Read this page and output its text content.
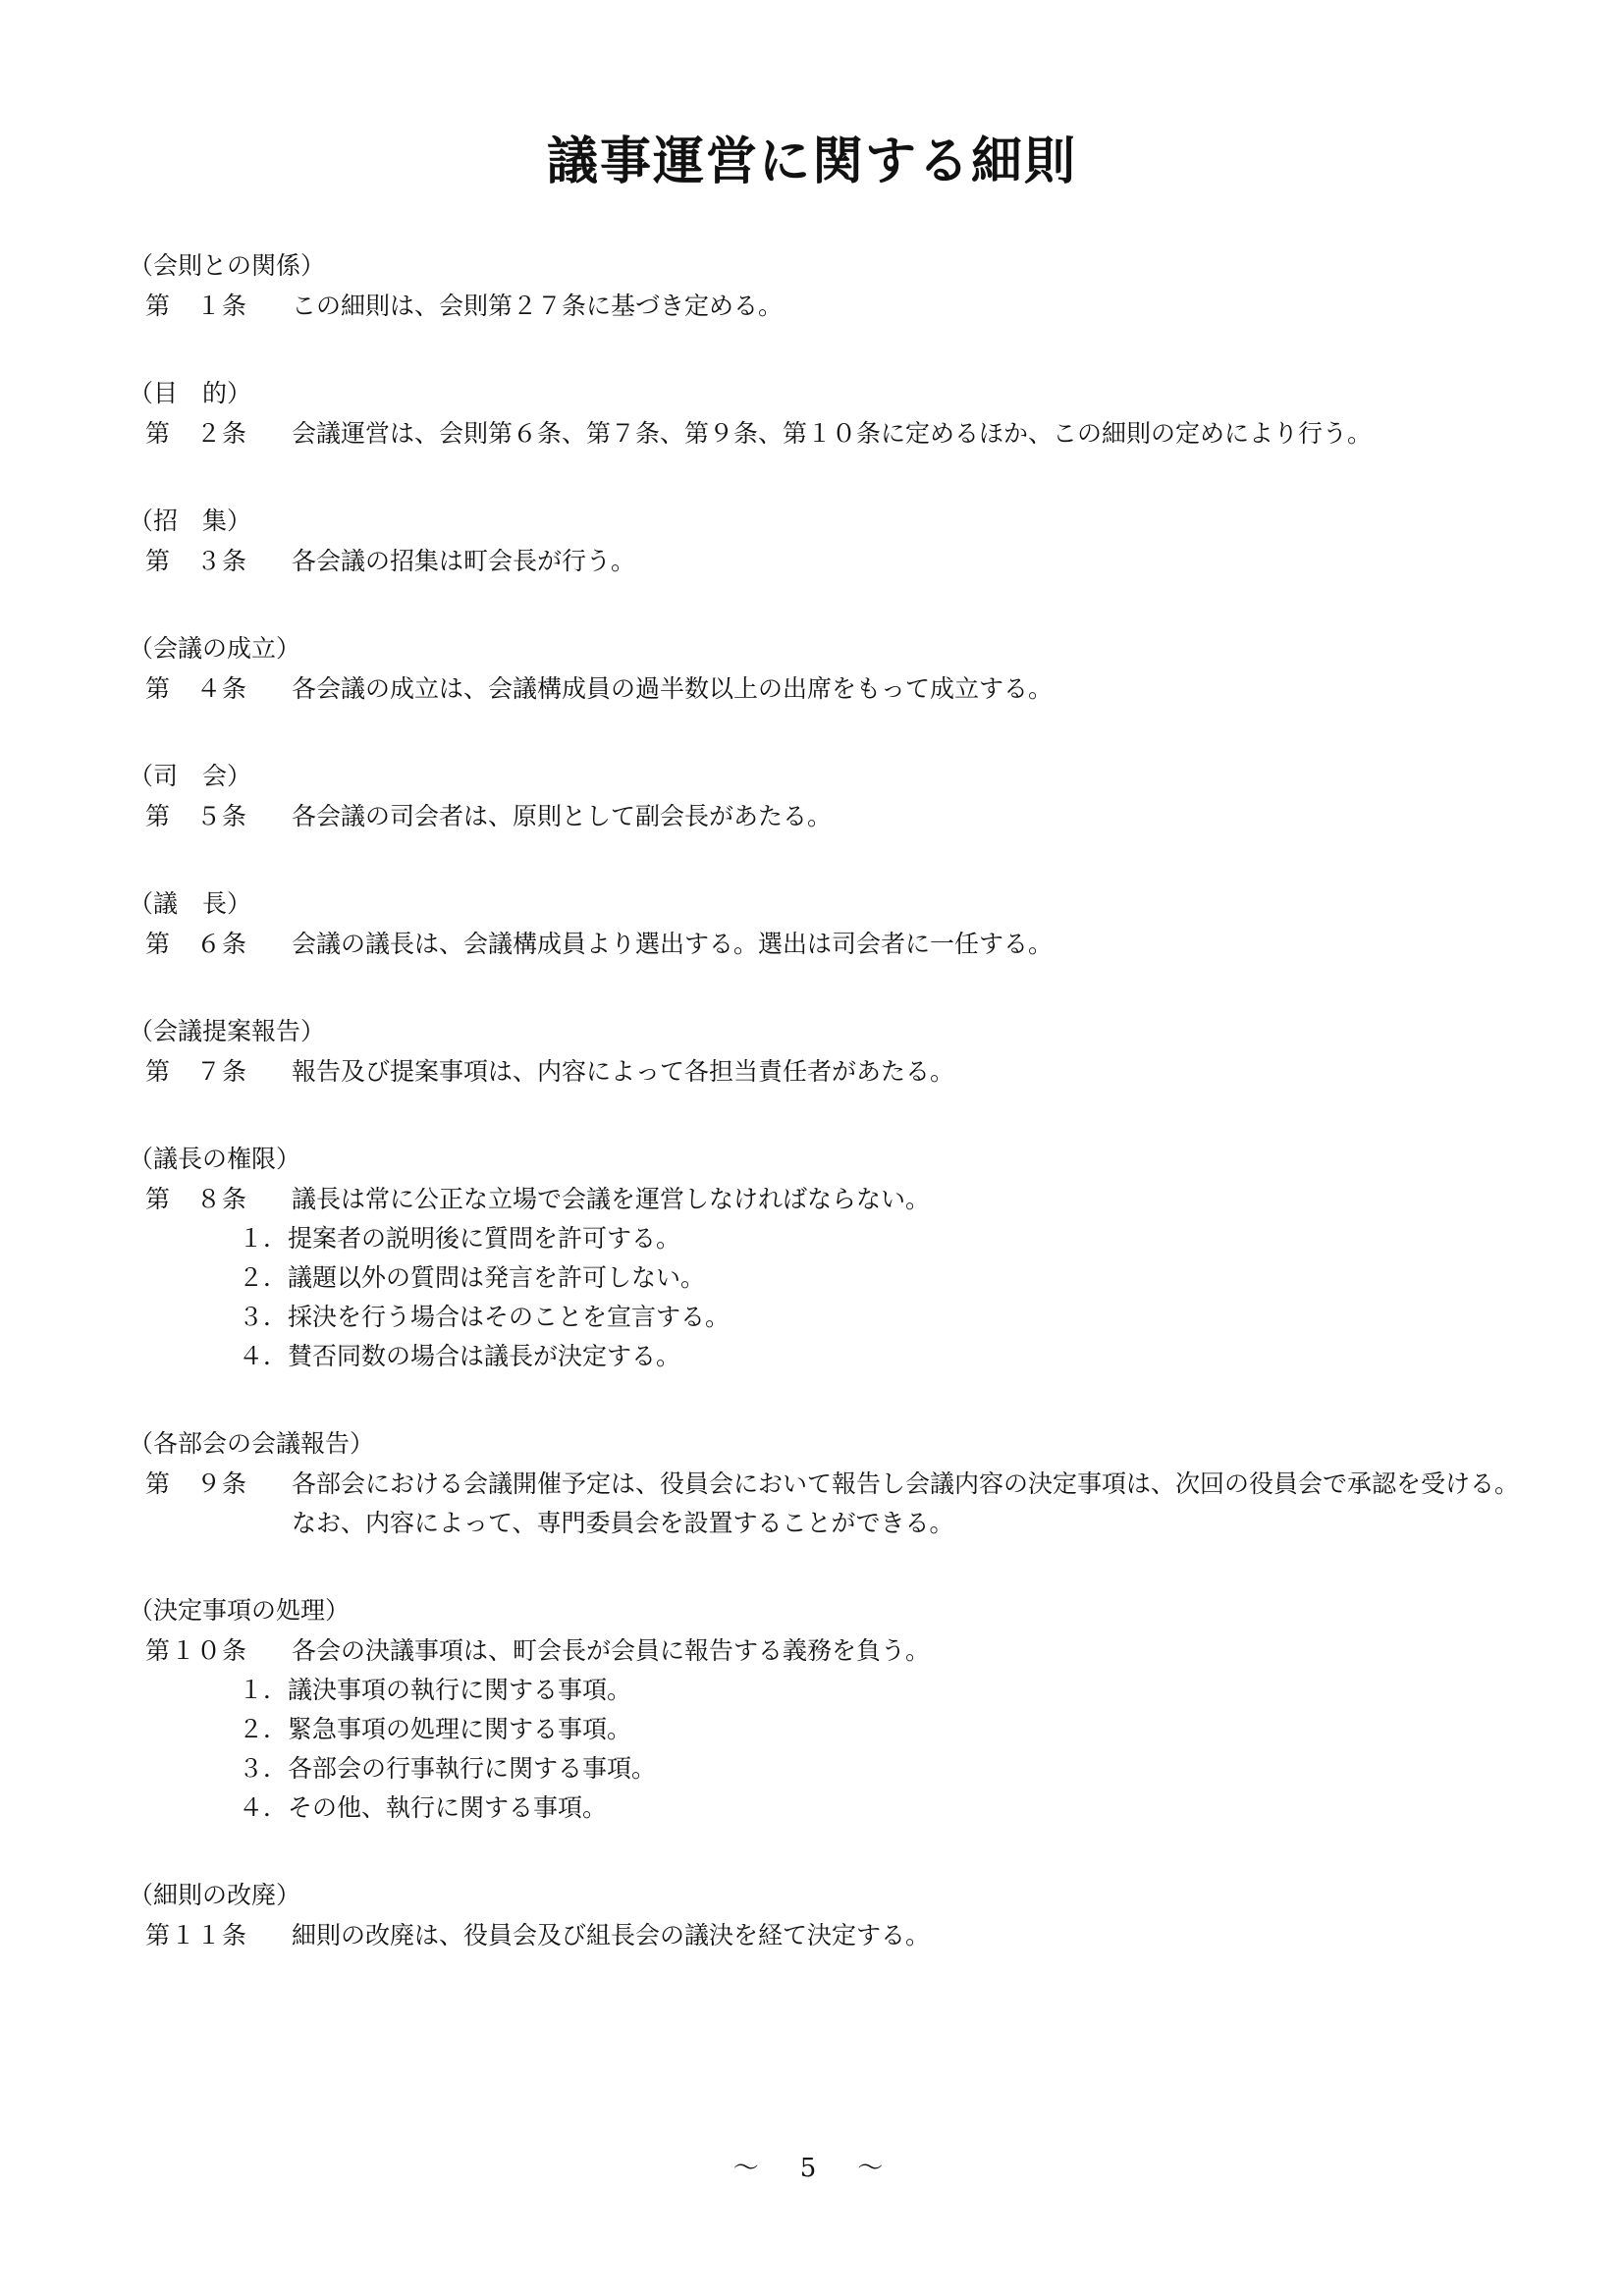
議事運営に関する細則
（会則との関係）
第　１条 この細則は、会則第２７条に基づき定める。
（目　的）
第　２条 会議運営は、会則第６条、第７条、第９条、第１０条に定めるほか、この細則の定めにより行う。
（招　集）
第　３条 各会議の招集は町会長が行う。
（会議の成立）
第　４条 各会議の成立は、会議構成員の過半数以上の出席をもって成立する。
（司　会）
第　５条 各会議の司会者は、原則として副会長があたる。
（議　長）
第　６条 会議の議長は、会議構成員より選出する。選出は司会者に一任する。
（会議提案報告）
第　７条 報告及び提案事項は、内容によって各担当責任者があたる。
（議長の権限）
第　８条 議長は常に公正な立場で会議を運営しなければならない。
１．提案者の説明後に質問を許可する。
２．議題以外の質問は発言を許可しない。
３．採決を行う場合はそのことを宣言する。
４．賛否同数の場合は議長が決定する。
（各部会の会議報告）
第　９条 各部会における会議開催予定は、役員会において報告し会議内容の決定事項は、次回の役員会で承認を受ける。なお、内容によって、専門委員会を設置することができる。
（決定事項の処理）
第１０条 各会の決議事項は、町会長が会員に報告する義務を負う。
１．議決事項の執行に関する事項。
２．緊急事項の処理に関する事項。
３．各部会の行事執行に関する事項。
４．その他、執行に関する事項。
（細則の改廃）
第１１条 細則の改廃は、役員会及び組長会の議決を経て決定する。
～　5　～
